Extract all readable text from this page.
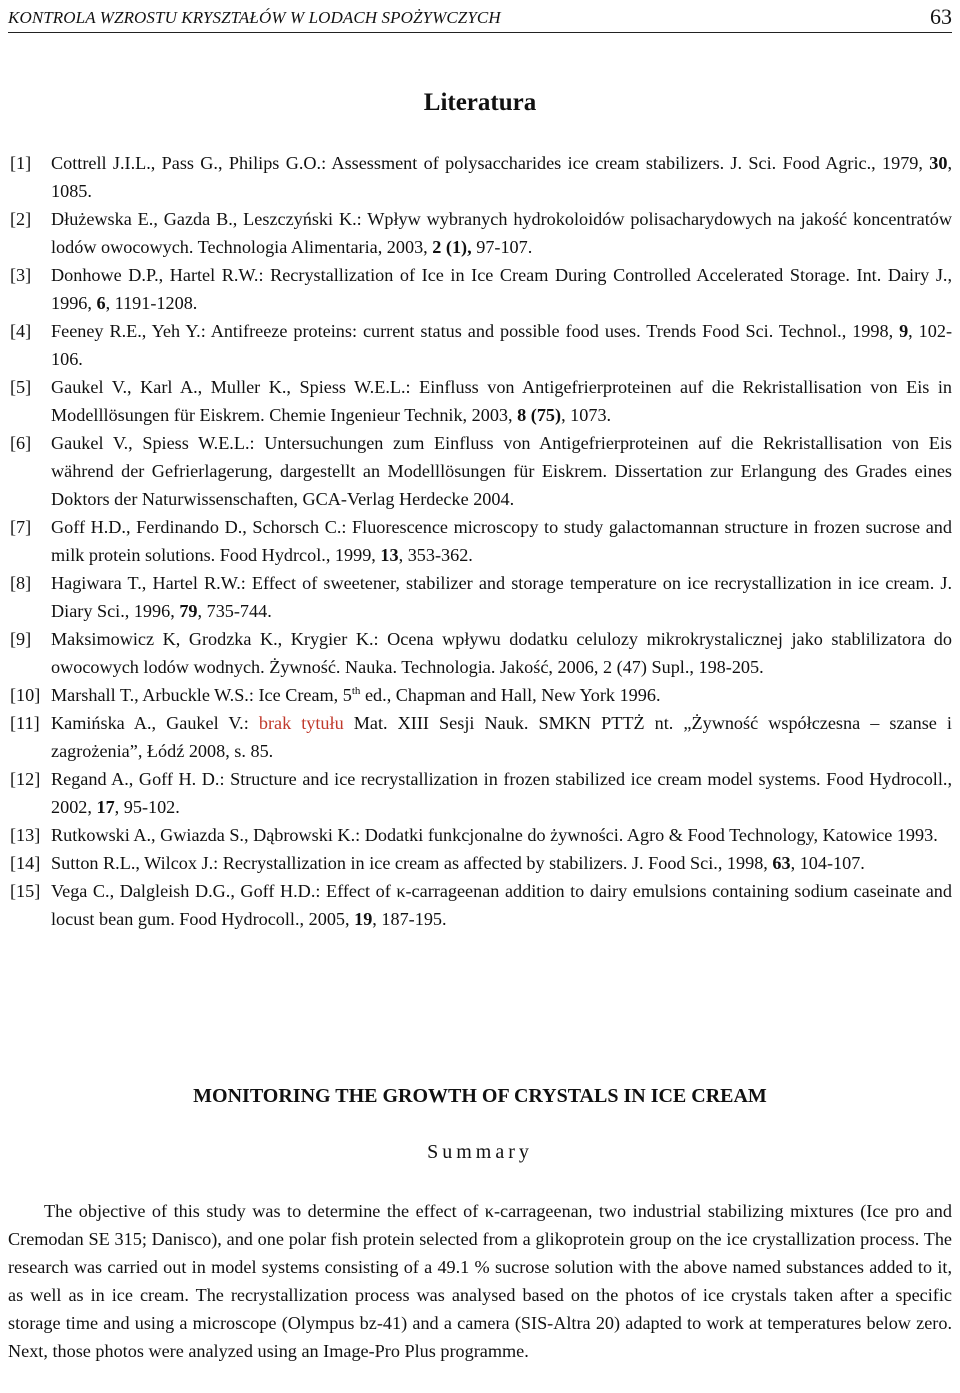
KONTROLA WZROSTU KRYSZTAŁÓW W LODACH SPOŻYWCZYCH	63
Literatura
[1] Cottrell J.I.L., Pass G., Philips G.O.: Assessment of polysaccharides ice cream stabilizers. J. Sci. Food Agric., 1979, 30, 1085.
[2] Dłużewska E., Gazda B., Leszczyński K.: Wpływ wybranych hydrokoloidów polisacharydowych na jakość koncentratów lodów owocowych. Technologia Alimentaria, 2003, 2 (1), 97-107.
[3] Donhowe D.P., Hartel R.W.: Recrystallization of Ice in Ice Cream During Controlled Accelerated Storage. Int. Dairy J., 1996, 6, 1191-1208.
[4] Feeney R.E., Yeh Y.: Antifreeze proteins: current status and possible food uses. Trends Food Sci. Technol., 1998, 9, 102-106.
[5] Gaukel V., Karl A., Muller K., Spiess W.E.L.: Einfluss von Antigefrierproteinen auf die Rekristallisation von Eis in Modelllösungen für Eiskrem. Chemie Ingenieur Technik, 2003, 8 (75), 1073.
[6] Gaukel V., Spiess W.E.L.: Untersuchungen zum Einfluss von Antigefrierproteinen auf die Rekristallisation von Eis während der Gefrierlagerung, dargestellt an Modelllösungen für Eiskrem. Dissertation zur Erlangung des Grades eines Doktors der Naturwissenschaften, GCA-Verlag Herdecke 2004.
[7] Goff H.D., Ferdinando D., Schorsch C.: Fluorescence microscopy to study galactomannan structure in frozen sucrose and milk protein solutions. Food Hydrcol., 1999, 13, 353-362.
[8] Hagiwara T., Hartel R.W.: Effect of sweetener, stabilizer and storage temperature on ice recrystallization in ice cream. J. Diary Sci., 1996, 79, 735-744.
[9] Maksimowicz K, Grodzka K., Krygier K.: Ocena wpływu dodatku celulozy mikrokrystalicznej jako stablilizatora do owocowych lodów wodnych. Żywność. Nauka. Technologia. Jakość, 2006, 2 (47) Supl., 198-205.
[10] Marshall T., Arbuckle W.S.: Ice Cream, 5th ed., Chapman and Hall, New York 1996.
[11] Kamińska A., Gaukel V.: brak tytułu Mat. XIII Sesji Nauk. SMKN PTTŻ nt. „Żywność współczesna – szanse i zagrożenia”, Łódź 2008, s. 85.
[12] Regand A., Goff H. D.: Structure and ice recrystallization in frozen stabilized ice cream model systems. Food Hydrocoll., 2002, 17, 95-102.
[13] Rutkowski A., Gwiazda S., Dąbrowski K.: Dodatki funkcjonalne do żywności. Agro & Food Technology, Katowice 1993.
[14] Sutton R.L., Wilcox J.: Recrystallization in ice cream as affected by stabilizers. J. Food Sci., 1998, 63, 104-107.
[15] Vega C., Dalgleish D.G., Goff H.D.: Effect of κ-carrageenan addition to dairy emulsions containing sodium caseinate and locust bean gum. Food Hydrocoll., 2005, 19, 187-195.
MONITORING THE GROWTH OF CRYSTALS IN ICE CREAM
Summary
The objective of this study was to determine the effect of κ-carrageenan, two industrial stabilizing mixtures (Ice pro and Cremodan SE 315; Danisco), and one polar fish protein selected from a glikoprotein group on the ice crystallization process. The research was carried out in model systems consisting of a 49.1 % sucrose solution with the above named substances added to it, as well as in ice cream. The recrystallization process was analysed based on the photos of ice crystals taken after a specific storage time and using a microscope (Olympus bz-41) and a camera (SIS-Altra 20) adapted to work at temperatures below zero. Next, those photos were analyzed using an Image-Pro Plus programme.
